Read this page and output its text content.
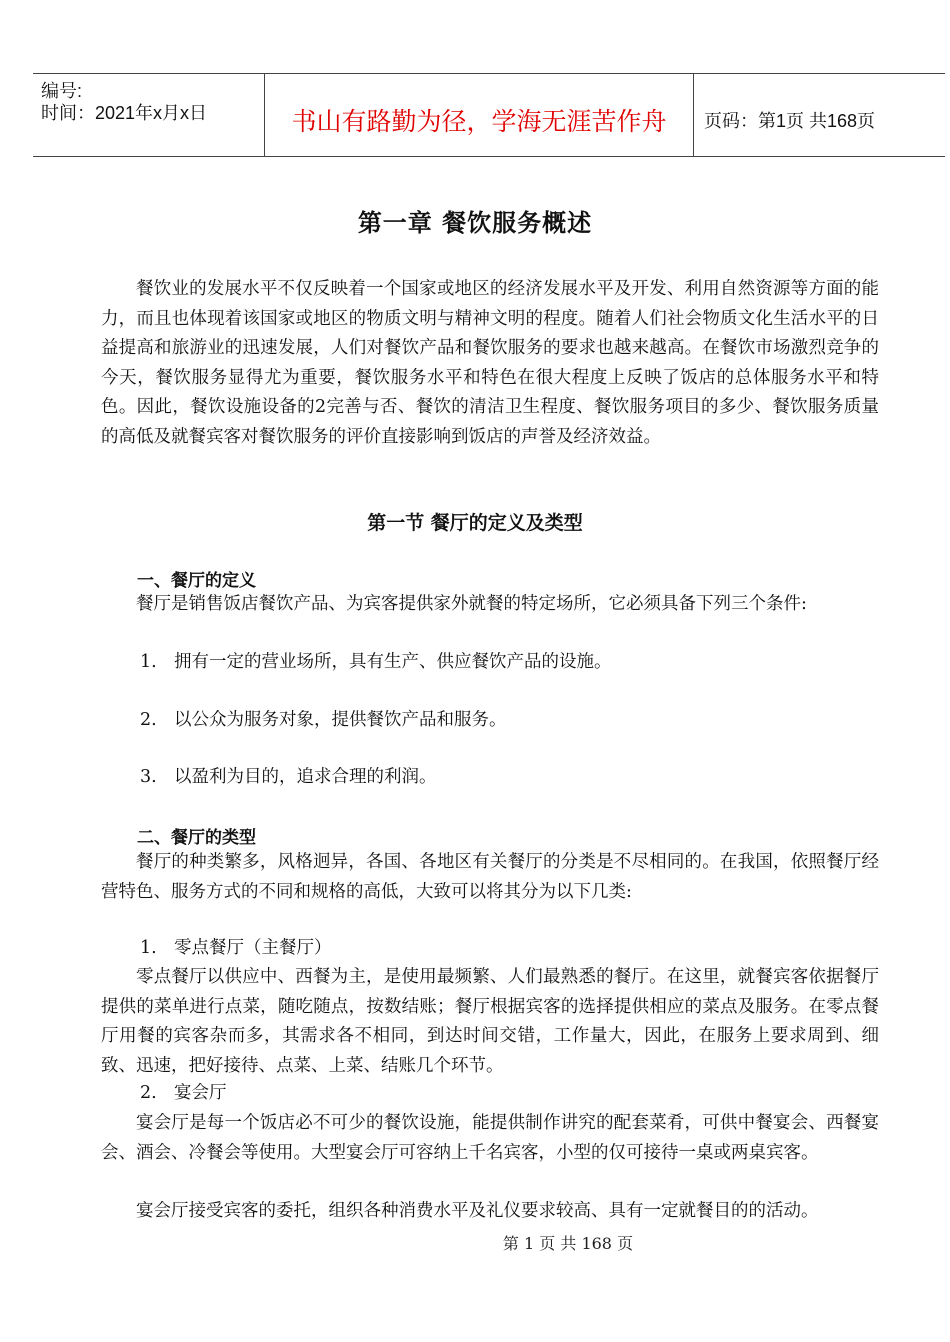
编号:
时间：2021年x月x日	书山有路勤为径，学海无涯苦作舟	页码：第1页 共168页
第一章 餐饮服务概述

餐饮业的发展水平不仅反映着一个国家或地区的经济发展水平及开发、利用自然资源等方面的能力，而且也体现着该国家或地区的物质文明与精神文明的程度。随着人们社会物质文化生活水平的日益提高和旅游业的迅速发展，人们对餐饮产品和餐饮服务的要求也越来越高。在餐饮市场激烈竞争的今天，餐饮服务显得尤为重要，餐饮服务水平和特色在很大程度上反映了饭店的总体服务水平和特色。因此，餐饮设施设备的2完善与否、餐饮的清洁卫生程度、餐饮服务项目的多少、餐饮服务质量的高低及就餐宾客对餐饮服务的评价直接影响到饭店的声誉及经济效益。

第一节 餐厅的定义及类型
一、餐厅的定义

餐厅是销售饭店餐饮产品、为宾客提供家外就餐的特定场所，它必须具备下列三个条件:

1. 拥有一定的营业场所，具有生产、供应餐饮产品的设施。
2. 以公众为服务对象，提供餐饮产品和服务。
3. 以盈利为目的，追求合理的利润。
二、餐厅的类型

餐厅的种类繁多，风格迥异，各国、各地区有关餐厅的分类是不尽相同的。在我国，依照餐厅经营特色、服务方式的不同和规格的高低，大致可以将其分为以下几类:

1. 零点餐厅（主餐厅）

零点餐厅以供应中、西餐为主，是使用最频繁、人们最熟悉的餐厅。在这里，就餐宾客依据餐厅提供的菜单进行点菜，随吃随点，按数结账；餐厅根据宾客的选择提供相应的菜点及服务。在零点餐厅用餐的宾客杂而多，其需求各不相同，到达时间交错，工作量大，因此，在服务上要求周到、细致、迅速，把好接待、点菜、上菜、结账几个环节。

2. 宴会厅

宴会厅是每一个饭店必不可少的餐饮设施，能提供制作讲究的配套菜肴，可供中餐宴会、西餐宴会、酒会、冷餐会等使用。大型宴会厅可容纳上千名宾客，小型的仅可接待一桌或两桌宾客。

宴会厅接受宾客的委托，组织各种消费水平及礼仪要求较高、具有一定就餐目的的活动。

第 1 页 共 168 页
